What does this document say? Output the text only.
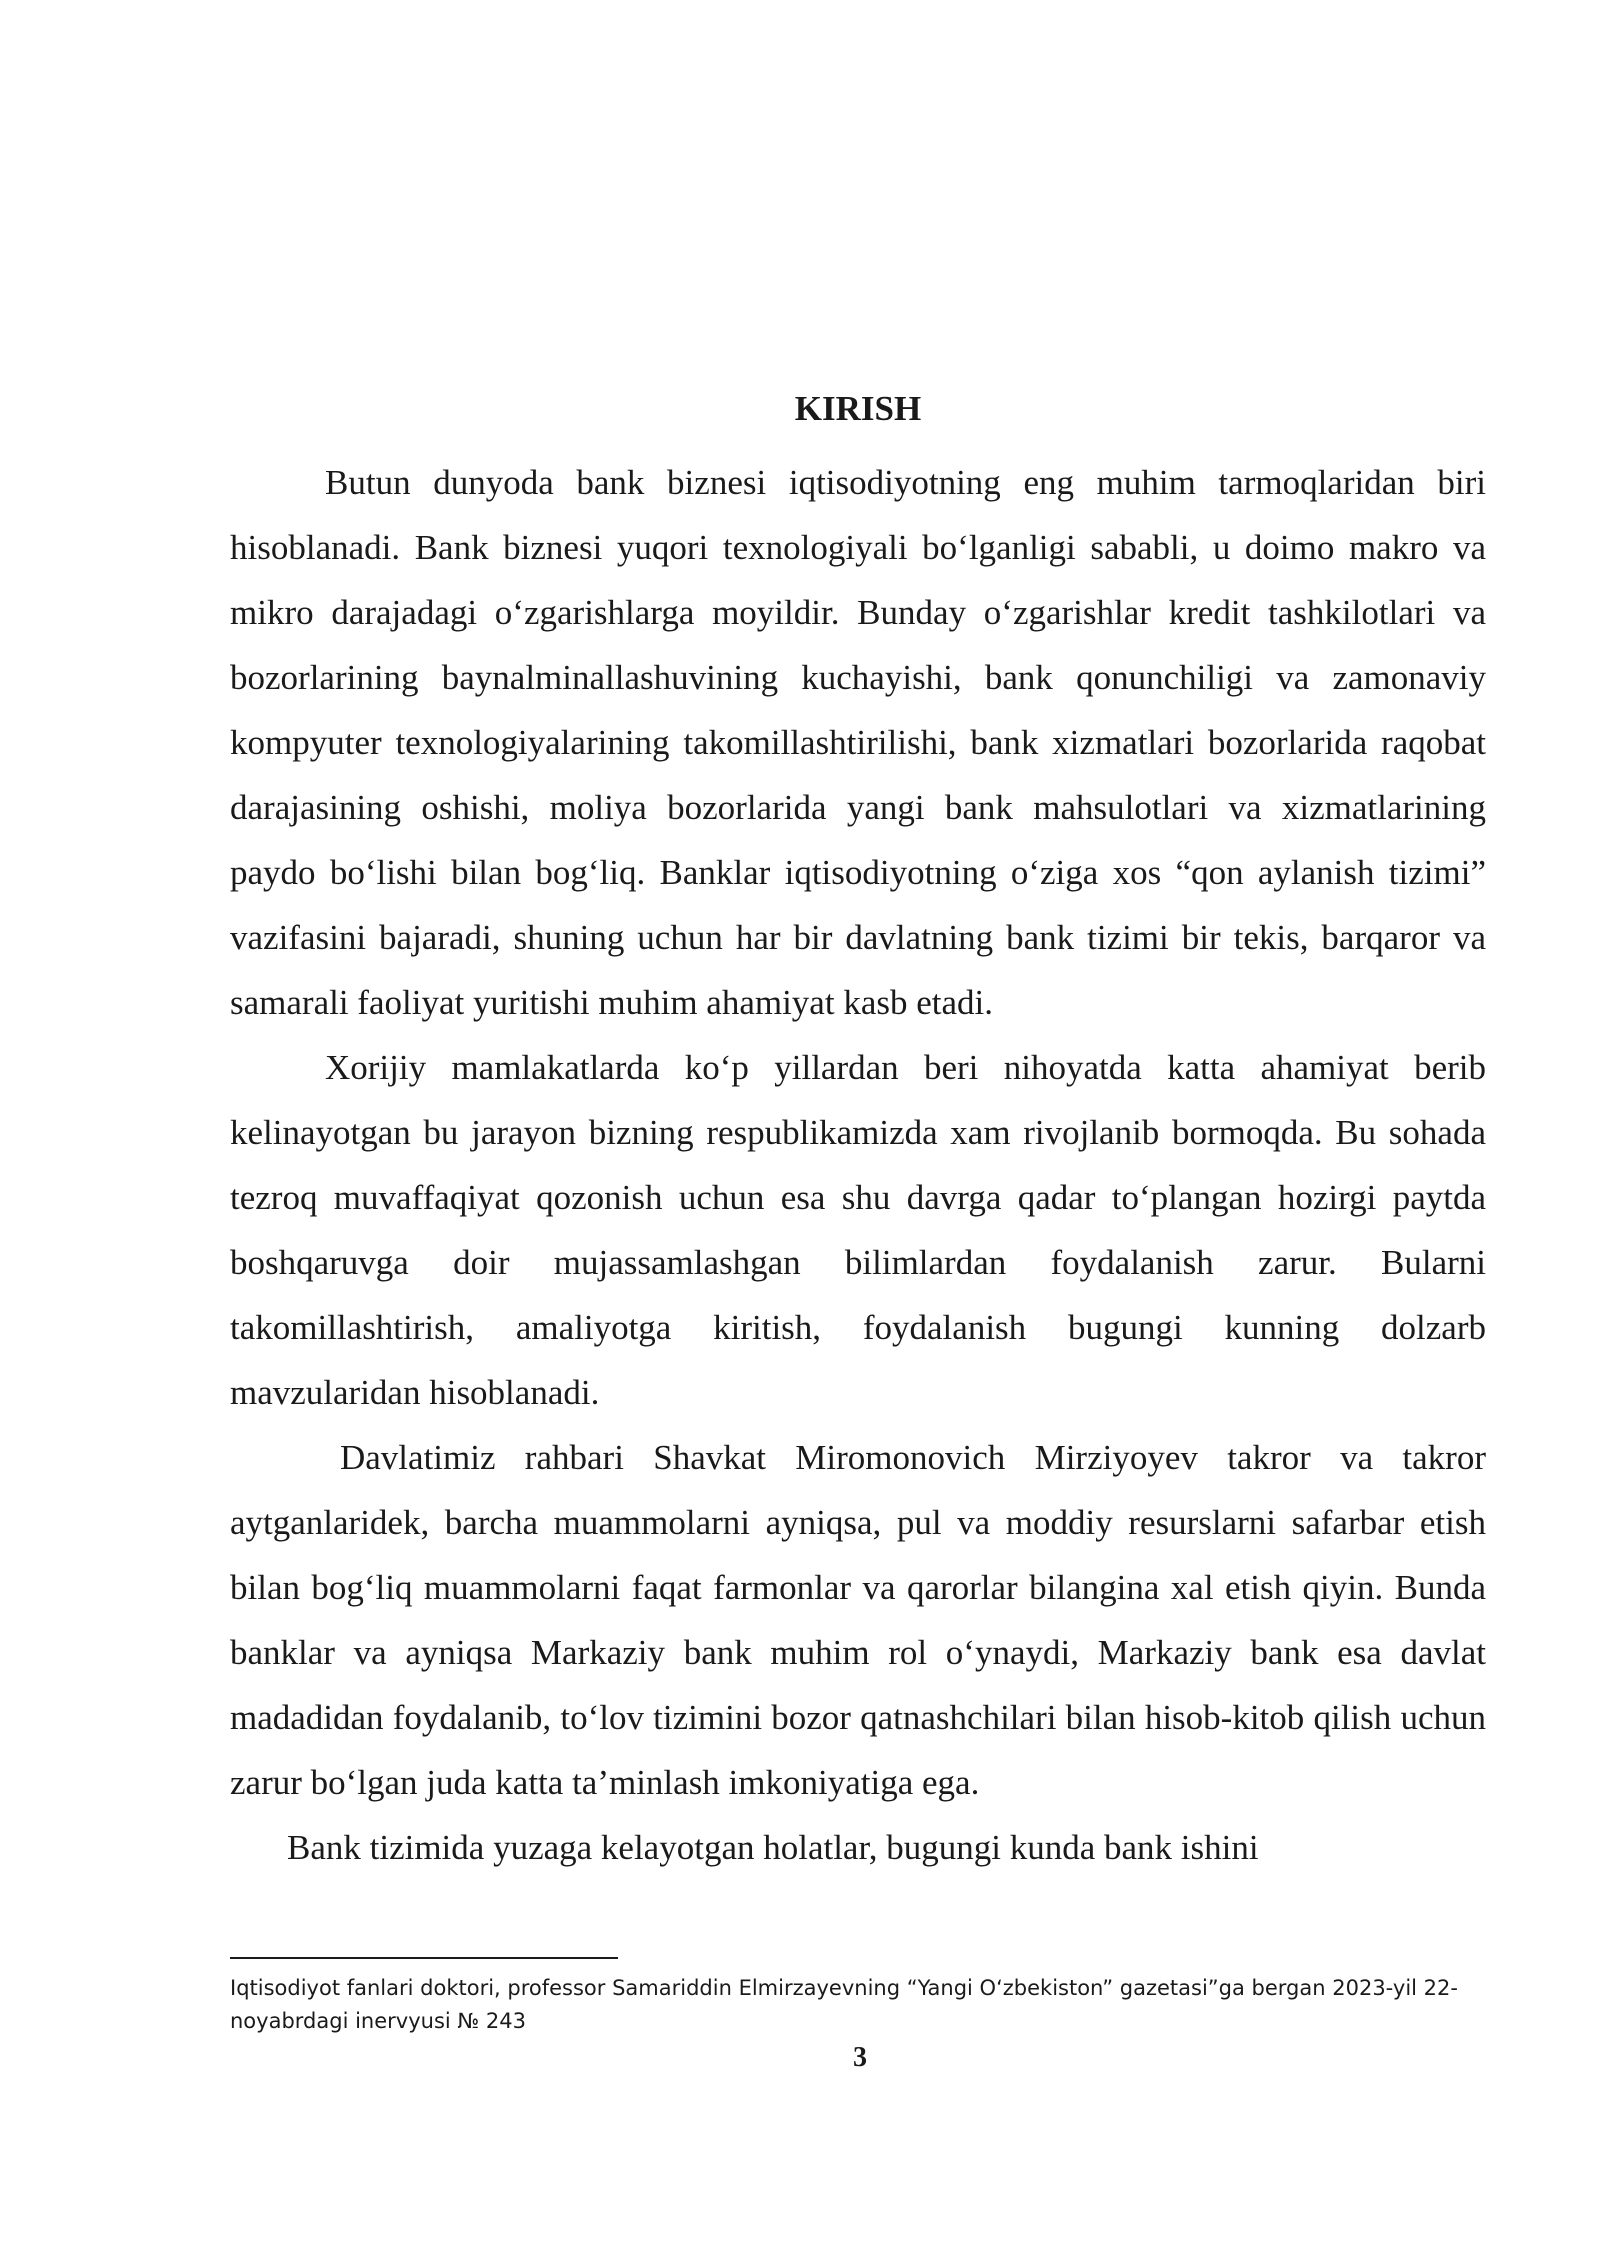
KIRISH

Butun dunyoda bank biznesi iqtisodiyotning eng muhim tarmoqlaridan biri hisoblanadi. Bank biznesi yuqori texnologiyali bo‘lganligi sababli, u doimo makro va mikro darajadagi o‘zgarishlarga moyildir. Bunday o‘zgarishlar kredit tashkilotlari va bozorlarining baynalminallashuvining kuchayishi, bank qonunchiligi va zamonaviy kompyuter texnologiyalarining takomillashtirilishi, bank xizmatlari bozorlarida raqobat darajasining oshishi, moliya bozorlarida yangi bank mahsulotlari va xizmatlarining paydo bo‘lishi bilan bog‘liq. Banklar iqtisodiyotning o‘ziga xos “qon aylanish tizimi” vazifasini bajaradi, shuning uchun har bir davlatning bank tizimi bir tekis, barqaror va samarali faoliyat yuritishi muhim ahamiyat kasb etadi.

Xorijiy mamlakatlarda ko‘p yillardan beri nihoyatda katta ahamiyat berib kelinayotgan bu jarayon bizning respublikamizda xam rivojlanib bormoqda. Bu sohada tezroq muvaffaqiyat qozonish uchun esa shu davrga qadar to‘plangan hozirgi paytda boshqaruvga doir mujassamlashgan bilimlardan foydalanish zarur. Bularni takomillashtirish, amaliyotga kiritish, foydalanish bugungi kunning dolzarb mavzularidan hisoblanadi.

Davlatimiz rahbari Shavkat Miromonovich Mirziyoyev takror va takror aytganlaridek, barcha muammolarni ayniqsa, pul va moddiy resurslarni safarbar etish bilan bog‘liq muammolarni faqat farmonlar va qarorlar bilangina xal etish qiyin. Bunda banklar va ayniqsa Markaziy bank muhim rol o‘ynaydi, Markaziy bank esa davlat madadidan foydalanib, to‘lov tizimini bozor qatnashchilari bilan hisob-kitob qilish uchun zarur bo‘lgan juda katta ta’minlash imkoniyatiga ega.

Bank tizimida yuzaga kelayotgan holatlar, bugungi kunda bank ishini

Iqtisodiyot fanlari doktori, professor Samariddin Elmirzayevning “Yangi O‘zbekiston” gazetasi”ga bergan 2023-yil 22-noyabrdagi inervyusi № 243

3
